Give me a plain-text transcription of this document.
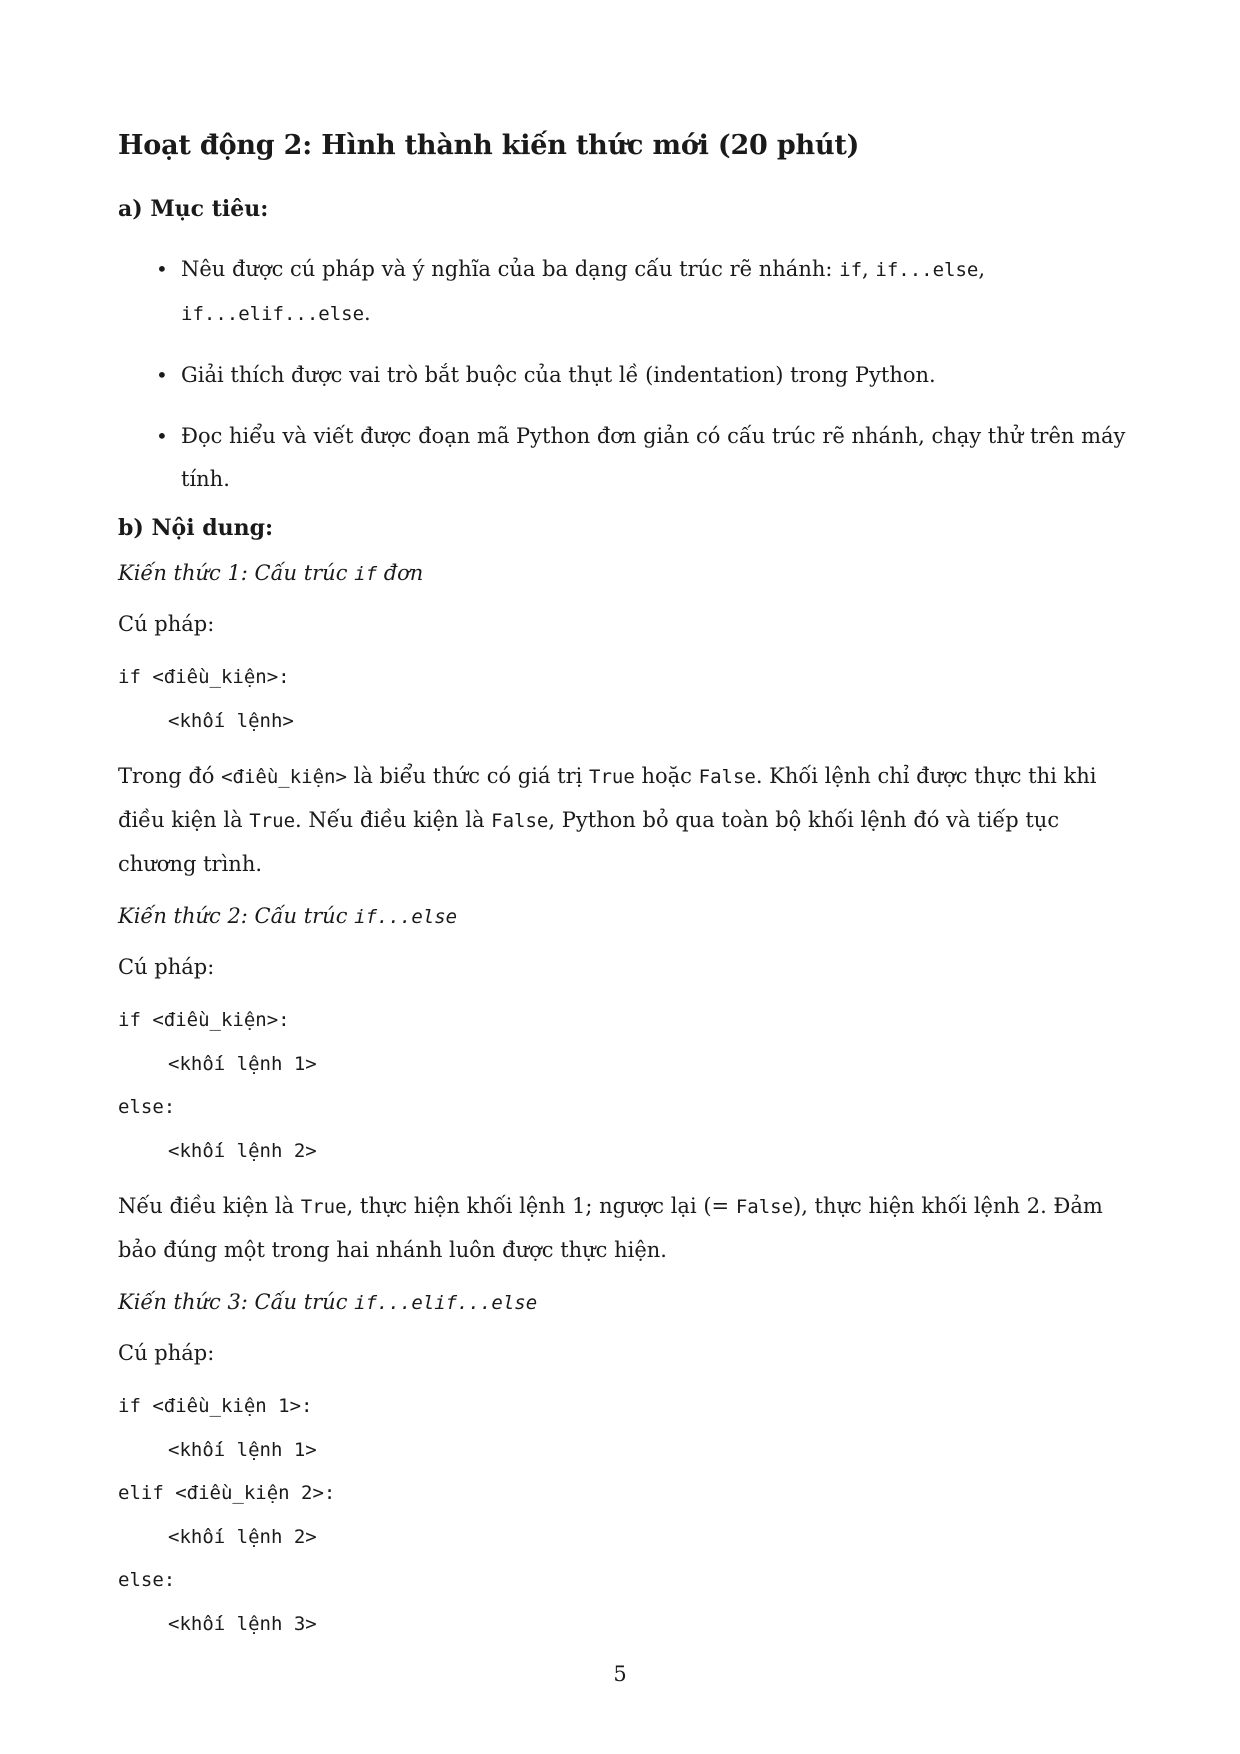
Hoạt động 2: Hình thành kiến thức mới (20 phút)

a) Mục tiêu:

• Nêu được cú pháp và ý nghĩa của ba dạng cấu trúc rẽ nhánh: if, if...else, if...elif...else.
• Giải thích được vai trò bắt buộc của thụt lề (indentation) trong Python.
• Đọc hiểu và viết được đoạn mã Python đơn giản có cấu trúc rẽ nhánh, chạy thử trên máy tính.

b) Nội dung:

Kiến thức 1: Cấu trúc if đơn

Cú pháp:

if <điều_kiện>:
<khối lệnh>

Trong đó <điều_kiện> là biểu thức có giá trị True hoặc False. Khối lệnh chỉ được thực thi khi điều kiện là True. Nếu điều kiện là False, Python bỏ qua toàn bộ khối lệnh đó và tiếp tục chương trình.

Kiến thức 2: Cấu trúc if...else

Cú pháp:

if <điều_kiện>:
<khối lệnh 1>
else:
<khối lệnh 2>

Nếu điều kiện là True, thực hiện khối lệnh 1; ngược lại (= False), thực hiện khối lệnh 2. Đảm bảo đúng một trong hai nhánh luôn được thực hiện.

Kiến thức 3: Cấu trúc if...elif...else

Cú pháp:

if <điều_kiện 1>:
<khối lệnh 1>
elif <điều_kiện 2>:
<khối lệnh 2>
else:
<khối lệnh 3>
5
